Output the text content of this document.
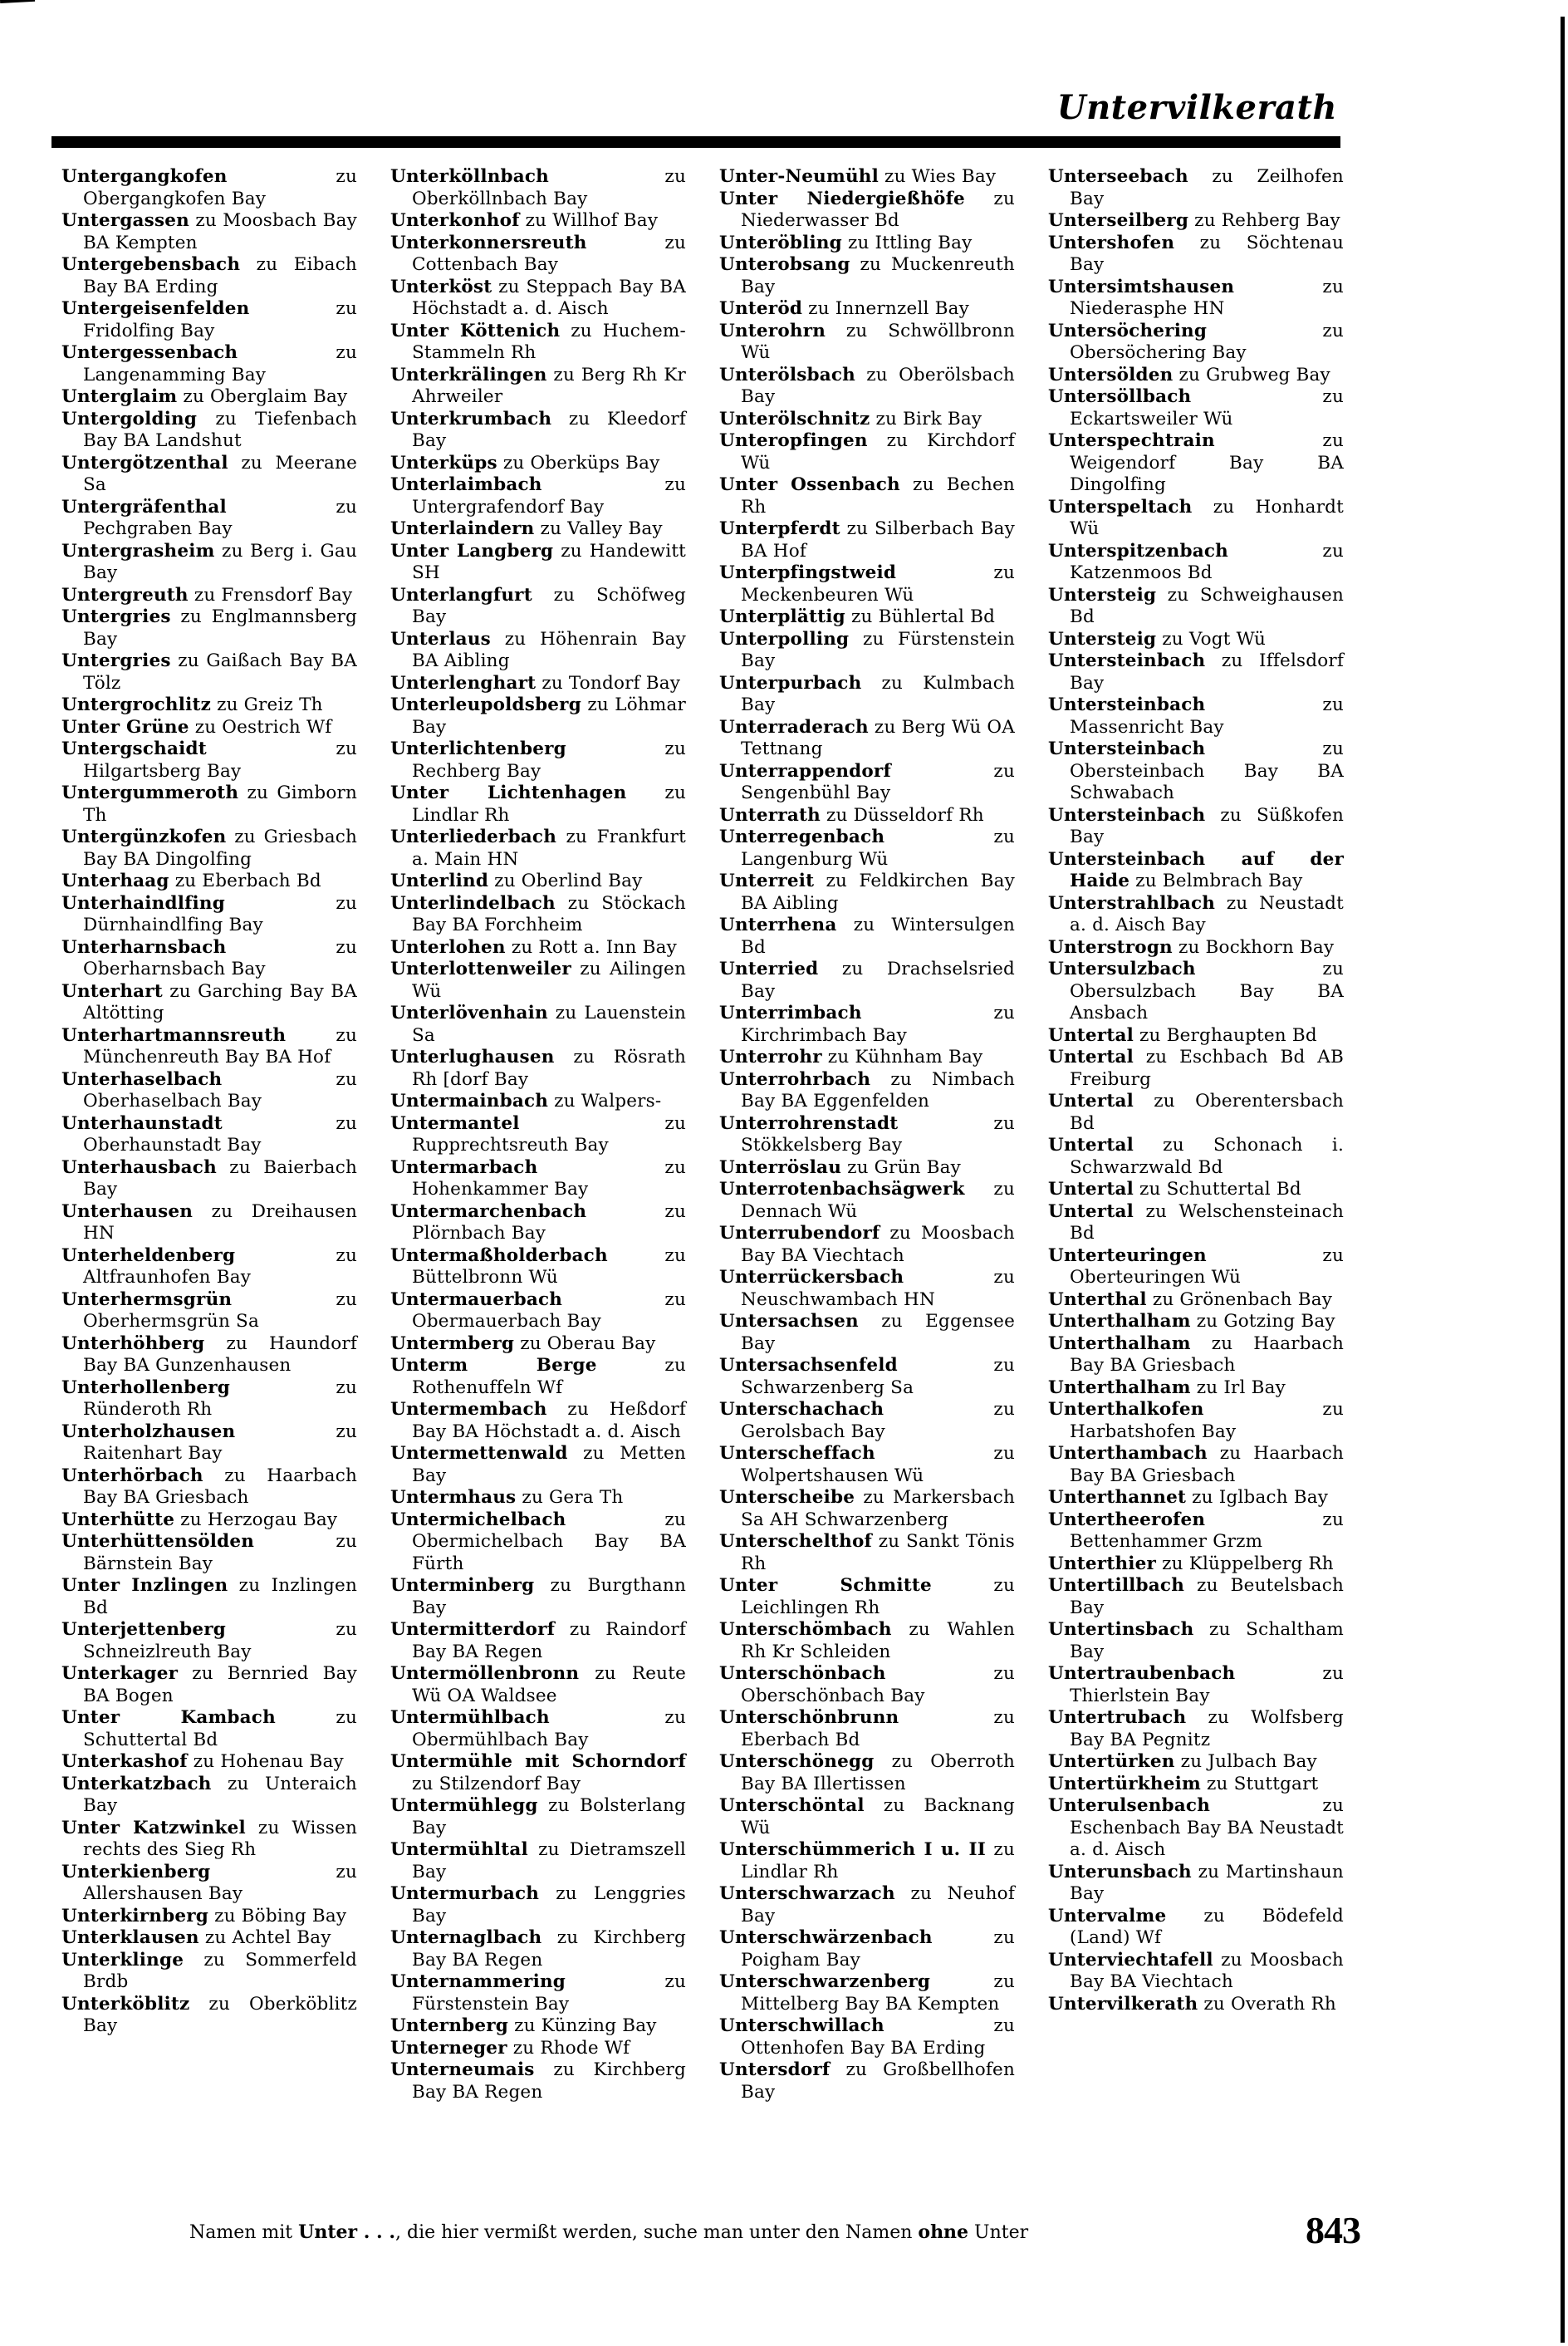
Untervilkerath

Untergangkofen	zu Obergangkofen Bay

Untergassen zu Moosbach Bay BA Kempten

Untergebensbach zu Eibach Bay BA Erding

Untergeisenfelden	zu Fridolfing Bay

Untergessenbach	zu Langenamming Bay

Unterglaim zu Oberglaim Bay

Untergolding zu Tiefenbach Bay BA Landshut

Untergötzenthal zu Meerane Sa

Untergräfenthal	zu Pechgraben Bay

Untergrasheim zu Berg i. Gau Bay

Untergreuth zu Frensdorf Bay

Untergries zu Englmannsberg Bay

Untergries zu Gaißach Bay BA Tölz

Untergrochlitz zu Greiz Th

Unter Grüne zu Oestrich Wf

Untergschaidt	zu Hilgartsberg Bay

Untergummeroth zu Gimborn Th

Untergünzkofen zu Griesbach Bay BA Dingolfing

Unterhaag zu Eberbach Bd

Unterhaindlfing	zu Dürnhaindlfing Bay

Unterharnsbach	zu Oberharnsbach Bay

Unterhart zu Garching Bay BA Altötting

Unterhartmannsreuth	zu Münchenreuth Bay BA Hof

Unterhaselbach	zu Oberhaselbach Bay

Unterhaunstadt	zu Oberhaunstadt Bay

Unterhausbach zu Baierbach Bay

Unterhausen zu Dreihausen HN

Unterheldenberg	zu Altfraunhofen Bay

Unterhermsgrün	zu Oberhermsgrün Sa

Unterhöhberg zu Haundorf Bay BA Gunzenhausen

Unterhollenberg	zu Ründeroth Rh

Unterholzhausen	zu Raitenhart Bay

Unterhörbach zu Haarbach Bay BA Griesbach

Unterhütte zu Herzogau Bay

Unterhüttensölden	zu Bärnstein Bay

Unter Inzlingen zu Inzlingen Bd

Unterjettenberg	zu Schneizlreuth Bay

Unterkager zu Bernried Bay BA Bogen

Unter Kambach	zu Schuttertal Bd

Unterkashof zu Hohenau Bay

Unterkatzbach zu Unteraich Bay

Unter Katzwinkel zu Wissen rechts des Sieg Rh

Unterkienberg	zu Allershausen Bay

Unterkirnberg zu Böbing Bay

Unterklausen zu Achtel Bay

Unterklinge zu Sommerfeld Brdb

Unterköblitz zu Oberköblitz Bay

Unterköllnbach	zu Oberköllnbach Bay

Unterkonhof zu Willhof Bay

Unterkonnersreuth	zu Cottenbach Bay

Unterköst zu Steppach Bay BA Höchstadt a. d. Aisch

Unter Köttenich zu Huchem-Stammeln Rh

Unterkrälingen zu Berg Rh Kr Ahrweiler

Unterkrumbach zu Kleedorf Bay

Unterküps zu Oberküps Bay

Unterlaimbach	zu Untergrafendorf Bay

Unterlaindern zu Valley Bay

Unter Langberg zu Handewitt SH

Unterlangfurt zu Schöfweg Bay

Unterlaus zu Höhenrain Bay BA Aibling

Unterlenghart zu Tondorf Bay

Unterleupoldsberg zu Löhmar Bay

Unterlichtenberg	zu Rechberg Bay

Unter Lichtenhagen zu Lindlar Rh

Unterliederbach zu Frankfurt a. Main HN

Unterlind zu Oberlind Bay

Unterlindelbach zu Stöckach Bay BA Forchheim

Unterlohen zu Rott a. Inn Bay

Unterlottenweiler zu Ailingen Wü

Unterlövenhain zu Lauenstein Sa

Unterlughausen zu Rösrath Rh [dorf Bay

Untermainbach zu Walpers-

Untermantel	zu Rupprechtsreuth Bay

Untermarbach	zu Hohenkammer Bay

Untermarchenbach	zu Plörnbach Bay

Untermaßholderbach	zu Büttelbronn Wü

Untermauerbach	zu Obermauerbach Bay

Untermberg zu Oberau Bay

Unterm Berge	zu Rothenuffeln Wf

Untermembach zu Heßdorf Bay BA Höchstadt a. d. Aisch

Untermettenwald zu Metten Bay

Untermhaus zu Gera Th

Untermichelbach	zu Obermichelbach Bay BA Fürth

Unterminberg zu Burgthann Bay

Untermitterdorf zu Raindorf Bay BA Regen

Untermöllenbronn zu Reute Wü OA Waldsee

Untermühlbach	zu Obermühlbach Bay

Untermühle mit Schorndorf zu Stilzendorf Bay

Untermühlegg zu Bolsterlang Bay

Untermühltal zu Dietramszell Bay

Untermurbach zu Lenggries Bay

Unternaglbach zu Kirchberg Bay BA Regen

Unternammering	zu Fürstenstein Bay

Unternberg zu Künzing Bay

Unterneger zu Rhode Wf

Unterneumais zu Kirchberg Bay BA Regen

Unter-Neumühl zu Wies Bay

Unter Niedergießhöfe zu Niederwasser Bd

Unteröbling zu Ittling Bay

Unterobsang zu Muckenreuth Bay

Unteröd zu Innernzell Bay

Unterohrn zu Schwöllbronn Wü

Unterölsbach zu Oberölsbach Bay

Unterölschnitz zu Birk Bay

Unteropfingen zu Kirchdorf Wü

Unter Ossenbach zu Bechen Rh

Unterpferdt zu Silberbach Bay BA Hof

Unterpfingstweid	zu Meckenbeuren Wü

Unterplättig zu Bühlertal Bd

Unterpolling zu Fürstenstein Bay

Unterpurbach zu Kulmbach Bay

Unterraderach zu Berg Wü OA Tettnang

Unterrappendorf	zu Sengenbühl Bay

Unterrath zu Düsseldorf Rh

Unterregenbach	zu Langenburg Wü

Unterreit zu Feldkirchen Bay BA Aibling

Unterrhena zu Wintersulgen Bd

Unterried zu Drachselsried Bay

Unterrimbach	zu Kirchrimbach Bay

Unterrohr zu Kühnham Bay

Unterrohrbach zu Nimbach Bay BA Eggenfelden

Unterrohrenstadt	zu Stökkelsberg Bay

Unterröslau zu Grün Bay

Unterrotenbachsägwerk zu Dennach Wü

Unterrubendorf zu Moosbach Bay BA Viechtach

Unterrückersbach	zu Neuschwambach HN

Untersachsen zu Eggensee Bay

Untersachsenfeld	zu Schwarzenberg Sa

Unterschachach	zu Gerolsbach Bay

Unterscheffach	zu Wolpertshausen Wü

Unterscheibe zu Markersbach Sa AH Schwarzenberg

Unterschelthof zu Sankt Tönis Rh

Unter Schmitte	zu Leichlingen Rh

Unterschömbach zu Wahlen Rh Kr Schleiden

Unterschönbach	zu Oberschönbach Bay

Unterschönbrunn	zu Eberbach Bd

Unterschönegg zu Oberroth Bay BA Illertissen

Unterschöntal zu Backnang Wü

Unterschümmerich I u. II zu Lindlar Rh

Unterschwarzach zu Neuhof Bay

Unterschwärzenbach	zu Poigham Bay

Unterschwarzenberg	zu Mittelberg Bay BA Kempten

Unterschwillach	zu Ottenhofen Bay BA Erding

Untersdorf zu Großbellhofen Bay

Unterseebach zu Zeilhofen Bay

Unterseilberg zu Rehberg Bay

Untershofen zu Söchtenau Bay

Untersimtshausen	zu Niederasphe HN

Untersöchering	zu Obersöchering Bay

Untersölden zu Grubweg Bay

Untersöllbach	zu Eckartsweiler Wü

Unterspechtrain	zu Weigendorf Bay BA Dingolfing

Unterspeltach zu Honhardt Wü

Unterspitzenbach	zu Katzenmoos Bd

Untersteig zu Schweighausen Bd

Untersteig zu Vogt Wü

Untersteinbach zu Iffelsdorf Bay

Untersteinbach	zu Massenricht Bay

Untersteinbach	zu Obersteinbach Bay BA Schwabach

Untersteinbach zu Süßkofen Bay

Untersteinbach auf der Haide zu Belmbrach Bay

Unterstrahlbach zu Neustadt a. d. Aisch Bay

Unterstrogn zu Bockhorn Bay

Untersulzbach	zu Obersulzbach Bay BA Ansbach

Untertal zu Berghaupten Bd

Untertal zu Eschbach Bd AB Freiburg

Untertal zu Oberentersbach Bd

Untertal zu Schonach i. Schwarzwald Bd

Untertal zu Schuttertal Bd

Untertal zu Welschensteinach Bd

Unterteuringen	zu Oberteuringen Wü

Unterthal zu Grönenbach Bay

Unterthalham zu Gotzing Bay

Unterthalham zu Haarbach Bay BA Griesbach

Unterthalham zu Irl Bay

Unterthalkofen	zu Harbatshofen Bay

Unterthambach zu Haarbach Bay BA Griesbach

Unterthannet zu Iglbach Bay

Untertheerofen	zu Bettenhammer Grzm

Unterthier zu Klüppelberg Rh

Untertillbach zu Beutelsbach Bay

Untertinsbach zu Schaltham Bay

Untertraubenbach	zu Thierlstein Bay

Untertrubach zu Wolfsberg Bay BA Pegnitz

Untertürken zu Julbach Bay

Untertürkheim zu Stuttgart

Unterulsenbach	zu Eschenbach Bay BA Neustadt a. d. Aisch

Unterunsbach zu Martinshaun Bay

Untervalme zu Bödefeld (Land) Wf

Unterviechtafell zu Moosbach Bay BA Viechtach

Untervilkerath zu Overath Rh

Namen mit Unter . . ., die hier vermißt werden, suche man unter den Namen ohne Unter	843
